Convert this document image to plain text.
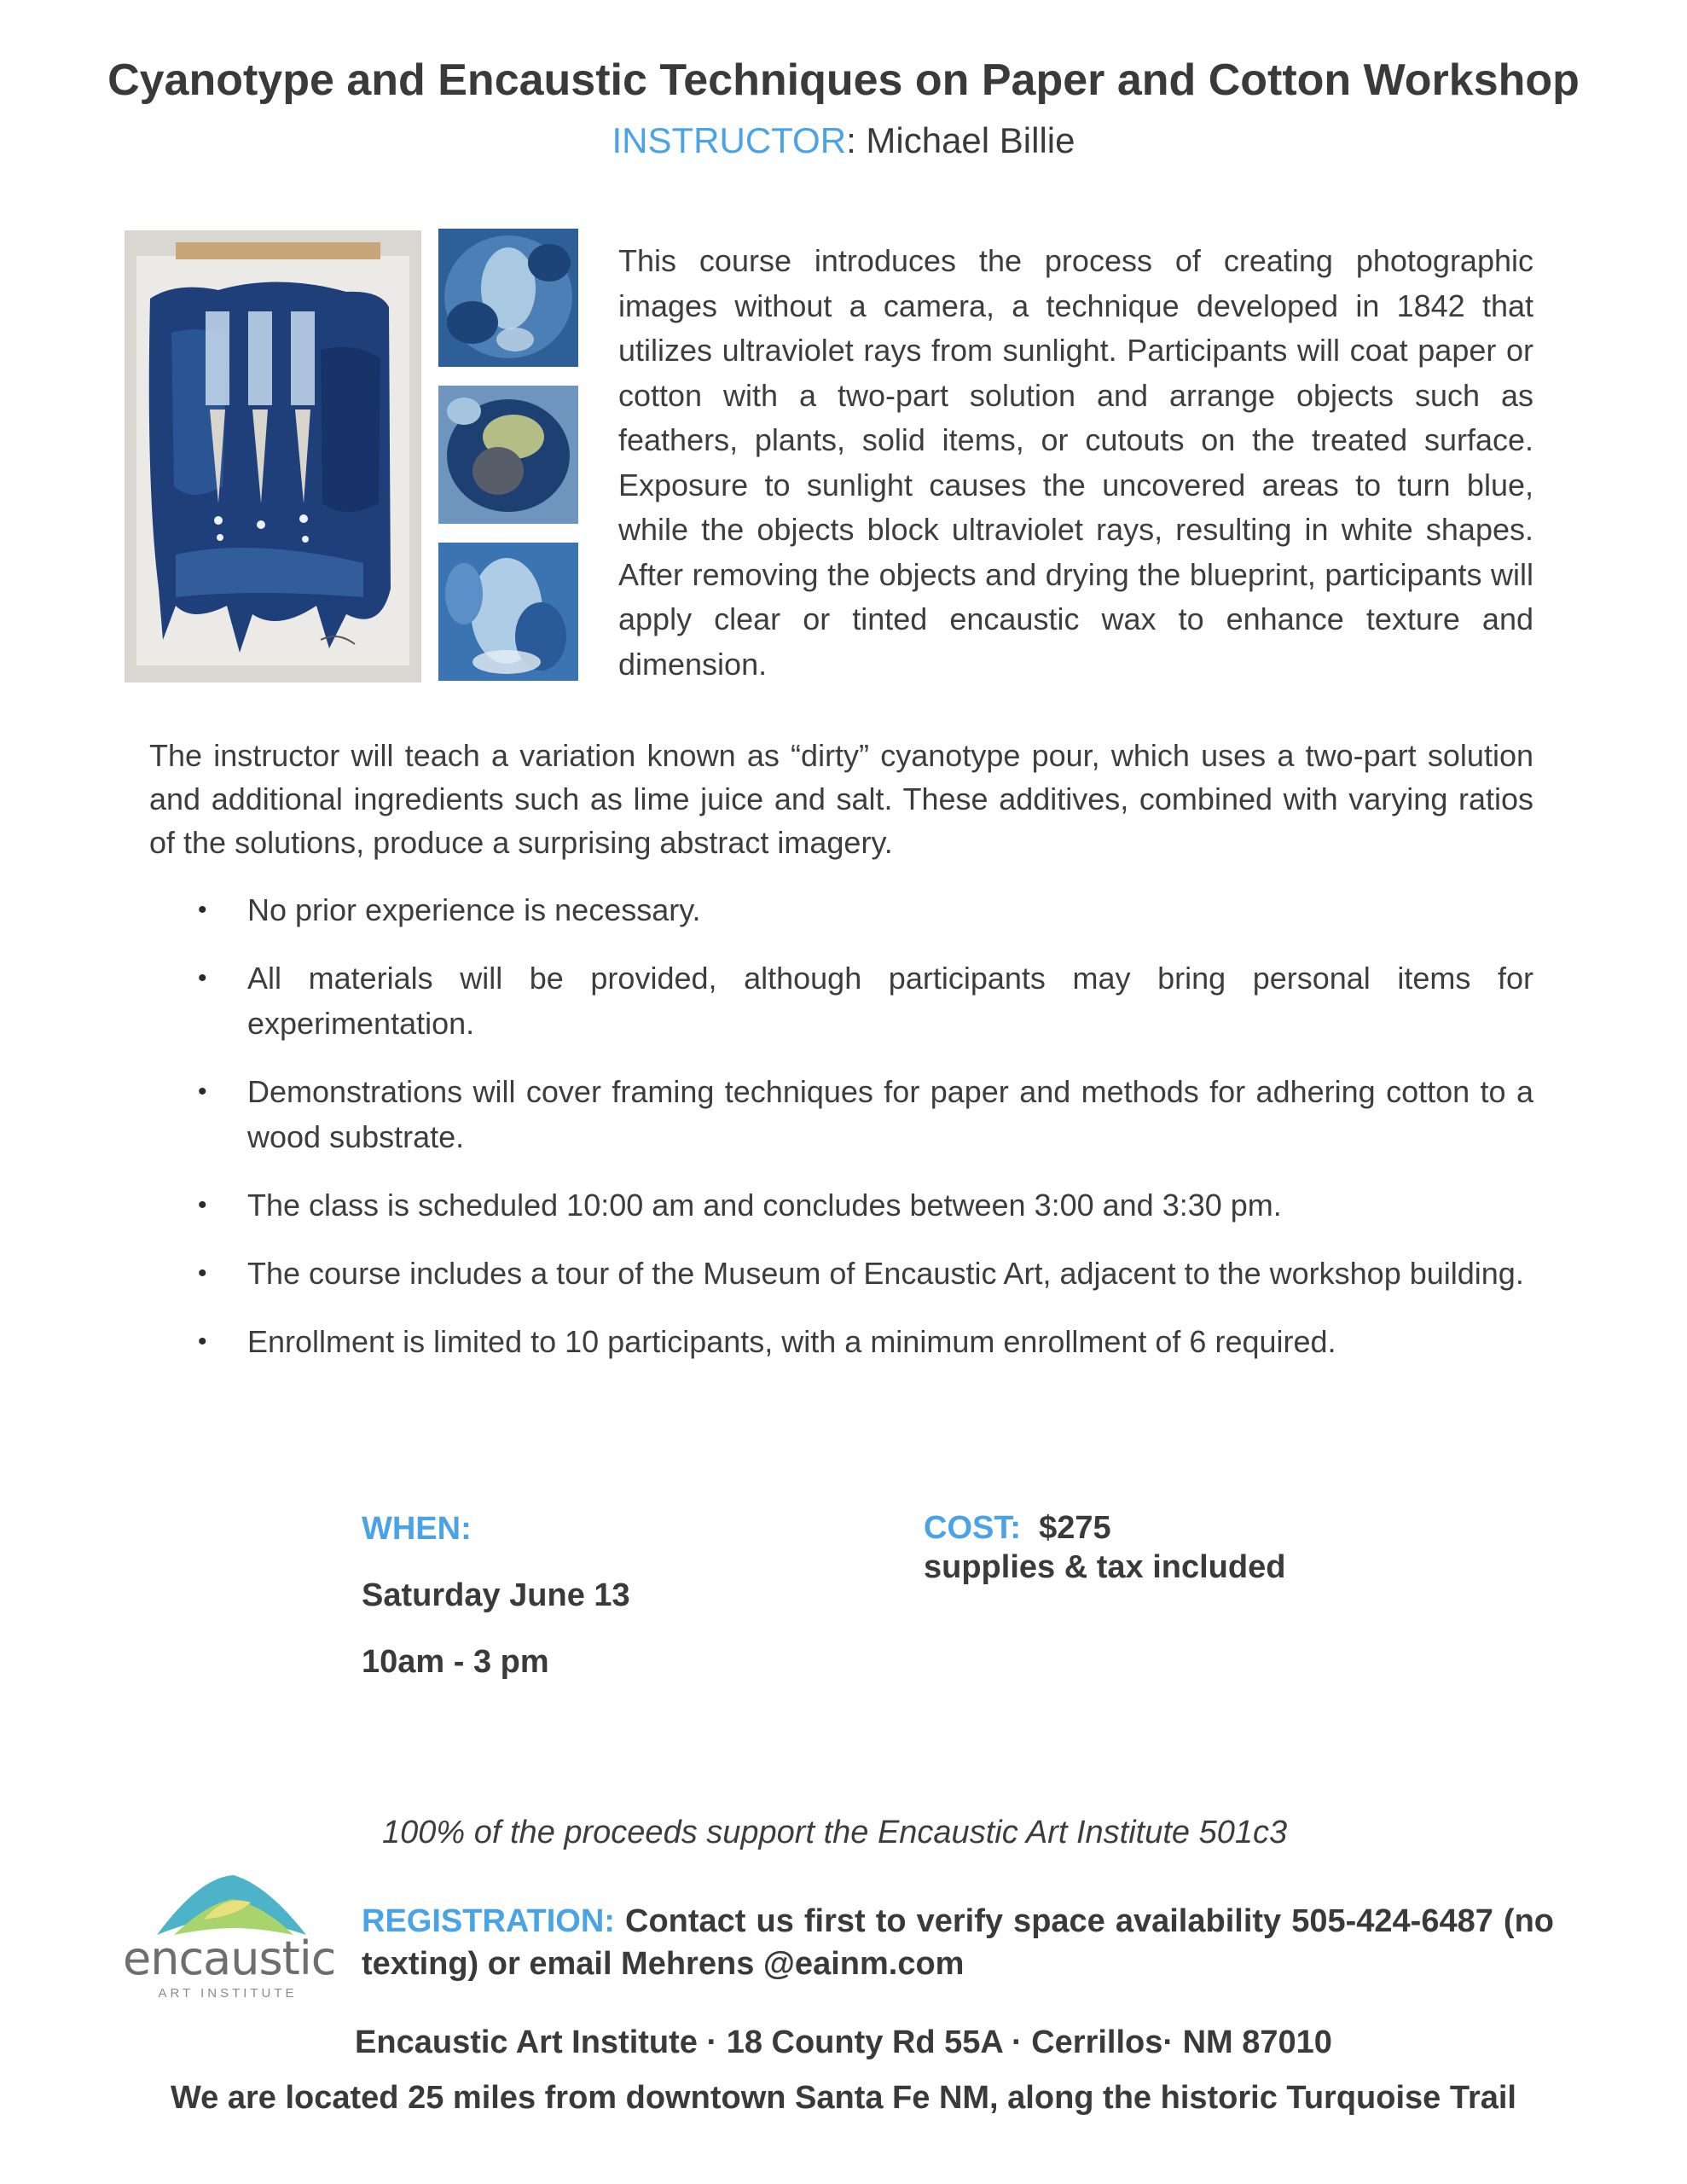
Cyanotype and Encaustic Techniques on Paper and Cotton Workshop
INSTRUCTOR: Michael Billie
This course introduces the process of creating photographic images without a camera, a technique developed in 1842 that utilizes ultraviolet rays from sunlight. Participants will coat paper or cotton with a two-part solution and arrange objects such as feathers, plants, solid items, or cutouts on the treated surface. Exposure to sunlight causes the uncovered areas to turn blue, while the objects block ultraviolet rays, resulting in white shapes. After removing the objects and drying the blueprint, participants will apply clear or tinted encaustic wax to enhance texture and dimension.
The instructor will teach a variation known as “dirty” cyanotype pour, which uses a two-part solution and additional ingredients such as lime juice and salt. These additives, combined with varying ratios of the solutions, produce a surprising abstract imagery.
• No prior experience is necessary.
• All materials will be provided, although participants may bring personal items for experimentation.
• Demonstrations will cover framing techniques for paper and methods for adhering cotton to a wood substrate.
• The class is scheduled 10:00 am and concludes between 3:00 and 3:30 pm.
• The course includes a tour of the Museum of Encaustic Art, adjacent to the workshop building.
• Enrollment is limited to 10 participants, with a minimum enrollment of 6 required.
WHEN:
Saturday June 13
10am - 3 pm
COST: $275
supplies & tax included
100% of the proceeds support the Encaustic Art Institute 501c3
encaustic
ART INSTITUTE
REGISTRATION: Contact us first to verify space availability 505-424-6487 (no texting) or email Mehrens @eainm.com
Encaustic Art Institute · 18 County Rd 55A · Cerrillos· NM 87010
We are located 25 miles from downtown Santa Fe NM, along the historic Turquoise Trail
